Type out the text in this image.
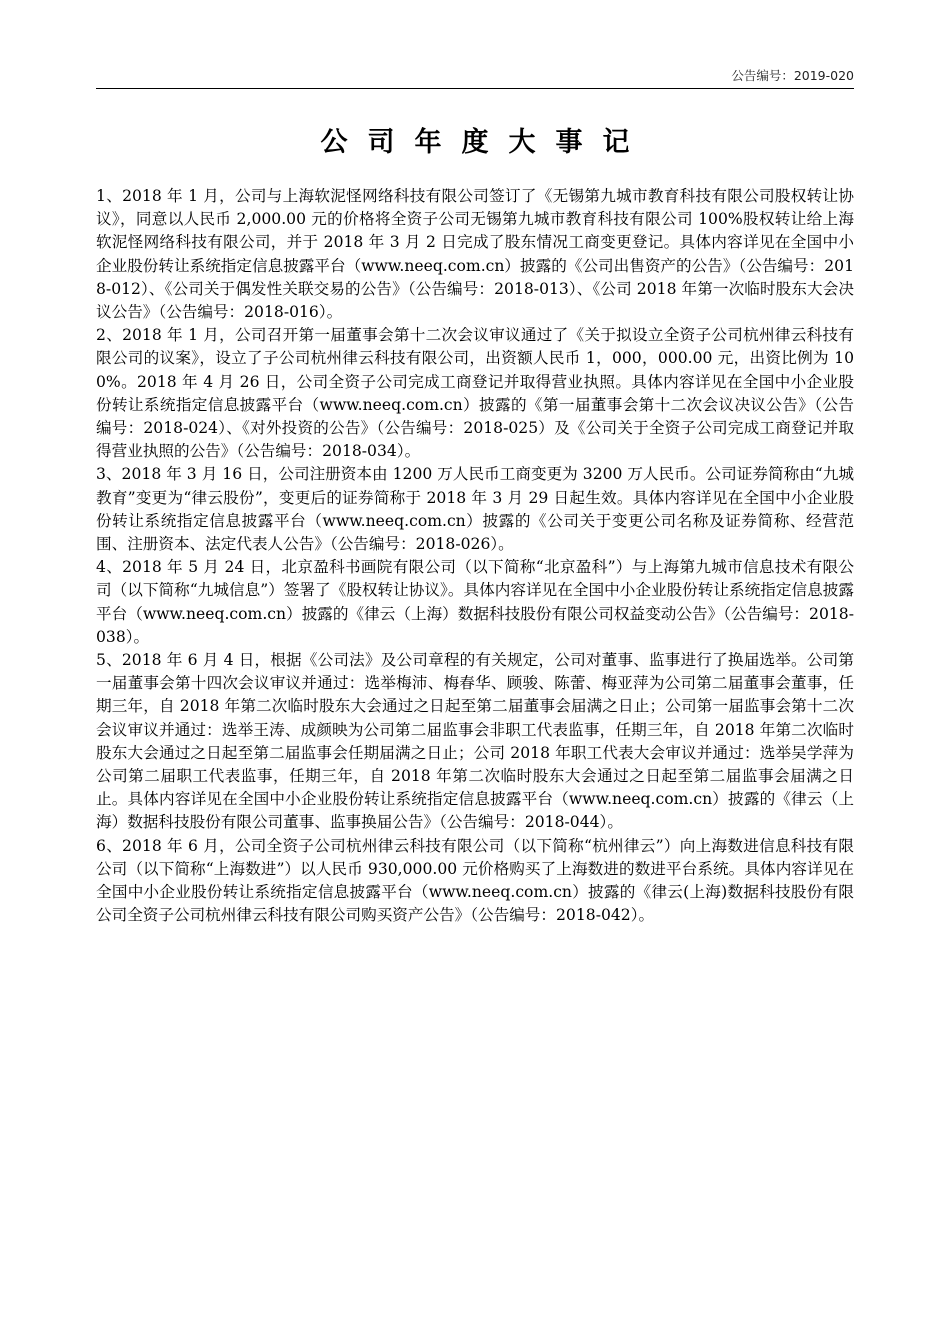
公告编号：2019-020
公司年度大事记

1、2018 年 1 月，公司与上海软泥怪网络科技有限公司签订了《无锡第九城市教育科技有限公司股权转让协议》，同意以人民币 2,000.00 元的价格将全资子公司无锡第九城市教育科技有限公司 100%股权转让给上海软泥怪网络科技有限公司，并于 2018 年 3 月 2 日完成了股东情况工商变更登记。具体内容详见在全国中小企业股份转让系统指定信息披露平台（www.neeq.com.cn）披露的《公司出售资产的公告》（公告编号：2018-012）、《公司关于偶发性关联交易的公告》（公告编号：2018-013）、《公司 2018 年第一次临时股东大会决议公告》（公告编号：2018-016）。

2、2018 年 1 月，公司召开第一届董事会第十二次会议审议通过了《关于拟设立全资子公司杭州律云科技有限公司的议案》，设立了子公司杭州律云科技有限公司，出资额人民币 1，000，000.00 元，出资比例为 100%。2018 年 4 月 26 日，公司全资子公司完成工商登记并取得营业执照。具体内容详见在全国中小企业股份转让系统指定信息披露平台（www.neeq.com.cn）披露的《第一届董事会第十二次会议决议公告》（公告编号：2018-024）、《对外投资的公告》（公告编号：2018-025）及《公司关于全资子公司完成工商登记并取得营业执照的公告》（公告编号：2018-034）。

3、2018 年 3 月 16 日，公司注册资本由 1200 万人民币工商变更为 3200 万人民币。公司证券简称由“九城教育”变更为“律云股份”，变更后的证券简称于 2018 年 3 月 29 日起生效。具体内容详见在全国中小企业股份转让系统指定信息披露平台（www.neeq.com.cn）披露的《公司关于变更公司名称及证券简称、经营范围、注册资本、法定代表人公告》（公告编号：2018-026）。

4、2018 年 5 月 24 日，北京盈科书画院有限公司（以下简称“北京盈科”）与上海第九城市信息技术有限公司（以下简称“九城信息”）签署了《股权转让协议》。具体内容详见在全国中小企业股份转让系统指定信息披露平台（www.neeq.com.cn）披露的《律云（上海）数据科技股份有限公司权益变动公告》（公告编号：2018-038）。

5、2018 年 6 月 4 日，根据《公司法》及公司章程的有关规定，公司对董事、监事进行了换届选举。公司第一届董事会第十四次会议审议并通过：选举梅沛、梅春华、顾骏、陈蕾、梅亚萍为公司第二届董事会董事，任期三年，自 2018 年第二次临时股东大会通过之日起至第二届董事会届满之日止；公司第一届监事会第十二次会议审议并通过：选举王涛、成颜映为公司第二届监事会非职工代表监事，任期三年，自 2018 年第二次临时股东大会通过之日起至第二届监事会任期届满之日止；公司 2018 年职工代表大会审议并通过：选举吴学萍为公司第二届职工代表监事，任期三年，自 2018 年第二次临时股东大会通过之日起至第二届监事会届满之日止。具体内容详见在全国中小企业股份转让系统指定信息披露平台（www.neeq.com.cn）披露的《律云（上海）数据科技股份有限公司董事、监事换届公告》（公告编号：2018-044）。

6、2018 年 6 月，公司全资子公司杭州律云科技有限公司（以下简称“杭州律云”）向上海数进信息科技有限公司（以下简称“上海数进”）以人民币 930,000.00 元价格购买了上海数进的数进平台系统。具体内容详见在全国中小企业股份转让系统指定信息披露平台（www.neeq.com.cn）披露的《律云(上海)数据科技股份有限公司全资子公司杭州律云科技有限公司购买资产公告》（公告编号：2018-042）。
